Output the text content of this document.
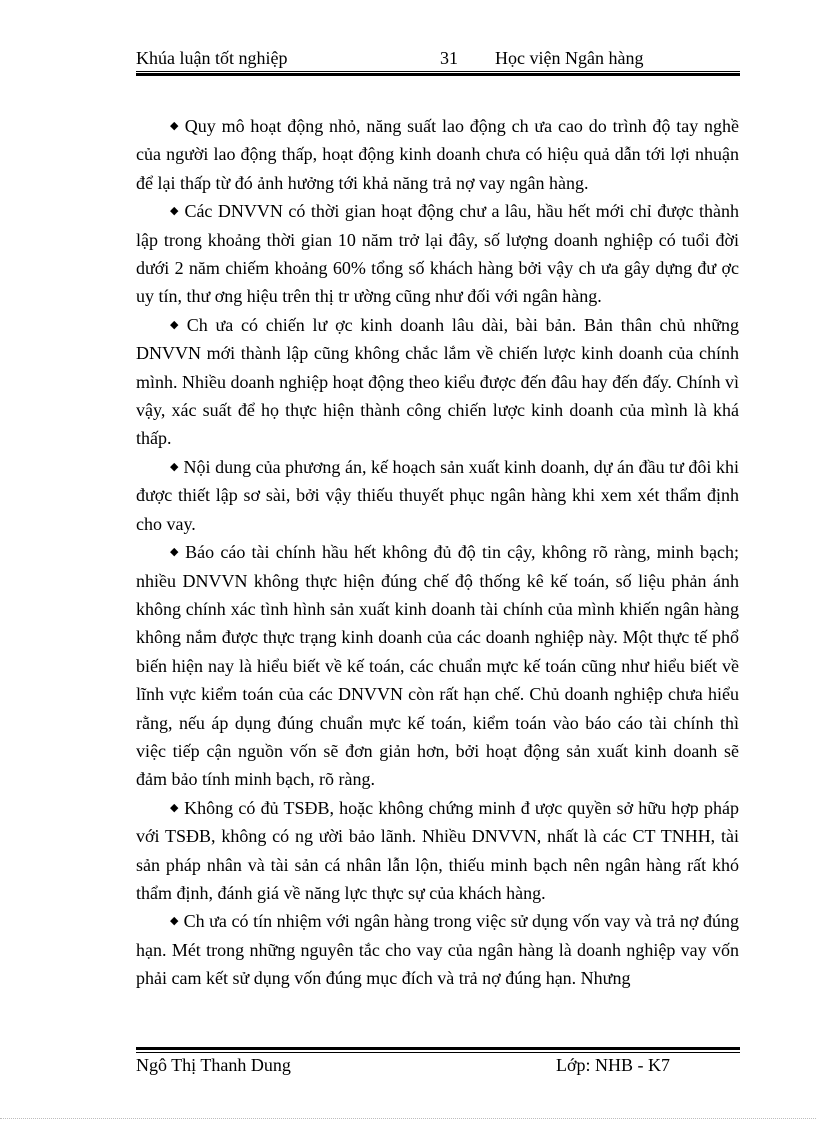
Khúa luận tốt nghiệp	31 Học viện Ngân hàng

◆ Quy mô hoạt động nhỏ, năng suất lao động ch ưa cao do trình độ tay nghề của người lao động thấp, hoạt động kinh doanh chưa có hiệu quả dẫn tới lợi nhuận để lại thấp từ đó ảnh hưởng tới khả năng trả nợ vay ngân hàng.

◆ Các DNVVN có thời gian hoạt động chư a lâu, hầu hết mới chỉ được thành lập trong khoảng thời gian 10 năm trở lại đây, số lượng doanh nghiệp có tuổi đời dưới 2 năm chiếm khoảng 60% tổng số khách hàng bởi vậy ch ưa gây dựng đư ợc uy tín, thư ơng hiệu trên thị tr ường cũng như đối với ngân hàng.

◆ Ch ưa có chiến lư ợc kinh doanh lâu dài, bài bản. Bản thân chủ những DNVVN mới thành lập cũng không chắc lắm về chiến lược kinh doanh của chính mình. Nhiều doanh nghiệp hoạt động theo kiểu được đến đâu hay đến đấy. Chính vì vậy, xác suất để họ thực hiện thành công chiến lược kinh doanh của mình là khá thấp.

◆ Nội dung của phương án, kế hoạch sản xuất kinh doanh, dự án đầu tư đôi khi được thiết lập sơ sài, bởi vậy thiếu thuyết phục ngân hàng khi xem xét thẩm định cho vay.

◆ Báo cáo tài chính hầu hết không đủ độ tin cậy, không rõ ràng, minh bạch; nhiều DNVVN không thực hiện đúng chế độ thống kê kế toán, số liệu phản ánh không chính xác tình hình sản xuất kinh doanh tài chính của mình khiến ngân hàng không nắm được thực trạng kinh doanh của các doanh nghiệp này. Một thực tế phổ biến hiện nay là hiểu biết về kế toán, các chuẩn mực kế toán cũng như hiểu biết về lĩnh vực kiểm toán của các DNVVN còn rất hạn chế. Chủ doanh nghiệp chưa hiểu rằng, nếu áp dụng đúng chuẩn mực kế toán, kiểm toán vào báo cáo tài chính thì việc tiếp cận nguồn vốn sẽ đơn giản hơn, bởi hoạt động sản xuất kinh doanh sẽ đảm bảo tính minh bạch, rõ ràng.

◆ Không có đủ TSĐB, hoặc không chứng minh đ ược quyền sở hữu hợp pháp với TSĐB, không có ng ười bảo lãnh. Nhiều DNVVN, nhất là các CT TNHH, tài sản pháp nhân và tài sản cá nhân lẫn lộn, thiếu minh bạch nên ngân hàng rất khó thẩm định, đánh giá về năng lực thực sự của khách hàng.

◆ Ch ưa có tín nhiệm với ngân hàng trong việc sử dụng vốn vay và trả nợ đúng hạn. Mét trong những nguyên tắc cho vay của ngân hàng là doanh nghiệp vay vốn phải cam kết sử dụng vốn đúng mục đích và trả nợ đúng hạn. Nhưng

Ngô Thị Thanh Dung	Lớp: NHB - K7
